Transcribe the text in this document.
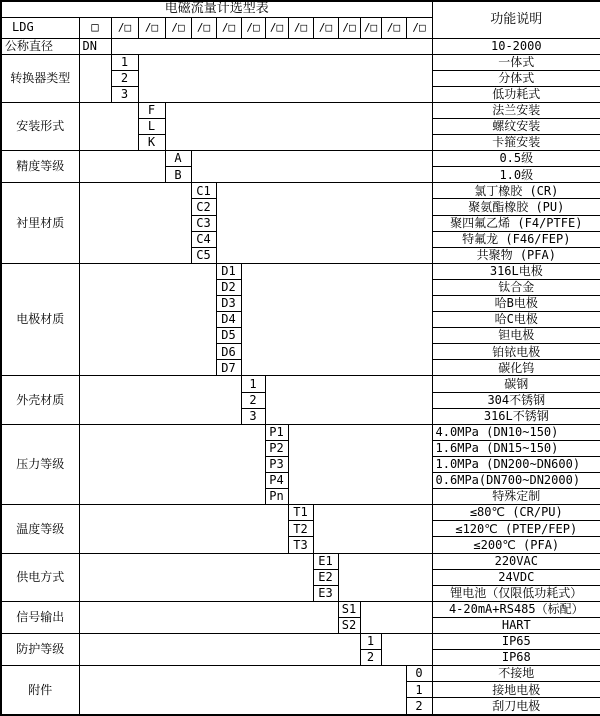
电磁流量计选型表															功能说明
LDG	□	/□	/□	/□	/□	/□	/□	/□	/□	/□	/□	/□	/□	/□	
公称直径	DN														10-2000
转换器类型		1													一体式
		2													分体式
		3													低功耗式
安装形式			F												法兰安装
			L												螺纹安装
			K												卡箍安装
精度等级				A											0.5级
				B											1.0级
衬里材质					C1										氯丁橡胶 (CR)
					C2										聚氨酯橡胶 (PU)
					C3										聚四氟乙烯 (F4/PTFE)
					C4										特氟龙 (F46/FEP)
					C5										共聚物 (PFA)
电极材质						D1									316L电极
						D2									钛合金
						D3									哈B电极
						D4									哈C电极
						D5									钽电极
						D6									铂铱电极
						D7									碳化钨
外壳材质							1								碳钢
							2								304不锈钢
							3								316L不锈钢
压力等级								P1							4.0MPa (DN10~150)
								P2							1.6MPa (DN15~150)
								P3							1.0MPa (DN200~DN600)
								P4							0.6MPa(DN700~DN2000)
								Pn							特殊定制
温度等级									T1						≤80℃ (CR/PU)
									T2						≤120℃ (PTEP/FEP)
									T3						≤200℃ (PFA)
供电方式										E1					220VAC
										E2					24VDC
										E3					锂电池（仅限低功耗式）
信号输出											S1				4-20mA+RS485（标配）
											S2				HART
防护等级												1			IP65
												2			IP68
附件														0	不接地
														1	接地电极
														2	刮刀电极
